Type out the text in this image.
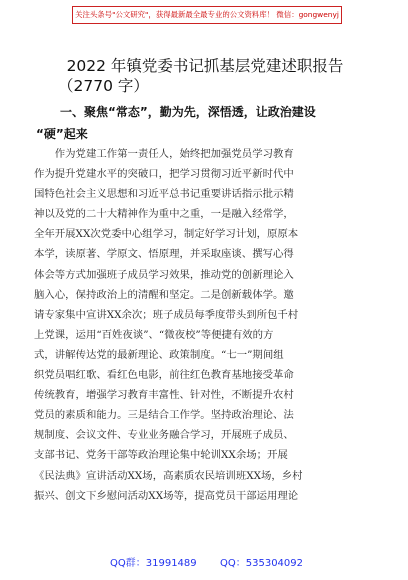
关注头条号"公文研究"，获得最新最全最专业的公文资料库！ 微信：gongwenyj
2022 年镇党委书记抓基层党建述职报告
（2770 字）
一、聚焦“常态”，勤为先，深悟透，让政治建设
“硬”起来
　　作为党建工作第一责任人，始终把加强党员学习教育
作为提升党建水平的突破口，把学习贯彻习近平新时代中
国特色社会主义思想和习近平总书记重要讲话指示批示精
神以及党的二十大精神作为重中之重，一是融入经常学，
全年开展XX次党委中心组学习，制定好学习计划，原原本
本学，读原著、学原文、悟原理，并采取座谈、撰写心得
体会等方式加强班子成员学习效果，推动党的创新理论入
脑入心，保持政治上的清醒和坚定。二是创新载体学。邀
请专家集中宣讲XX余次；班子成员每季度带头到所包千村
上党课，运用“百姓夜谈”、“微夜校”等便捷有效的方
式，讲解传达党的最新理论、政策制度。“七一”期间组
织党员唱红歌、看红色电影，前往红色教育基地接受革命
传统教育，增强学习教育丰富性、针对性，不断提升农村
党员的素质和能力。三是结合工作学。坚持政治理论、法
规制度、会议文件、专业业务融合学习，开展班子成员、
支部书记、党务干部等政治理论集中轮训XX余场；开展
《民法典》宣讲活动XX场，高素质农民培训班XX场，乡村
振兴、创文下乡慰问活动XX场等，提高党员干部运用理论
QQ群：31991489 QQ：535304092
